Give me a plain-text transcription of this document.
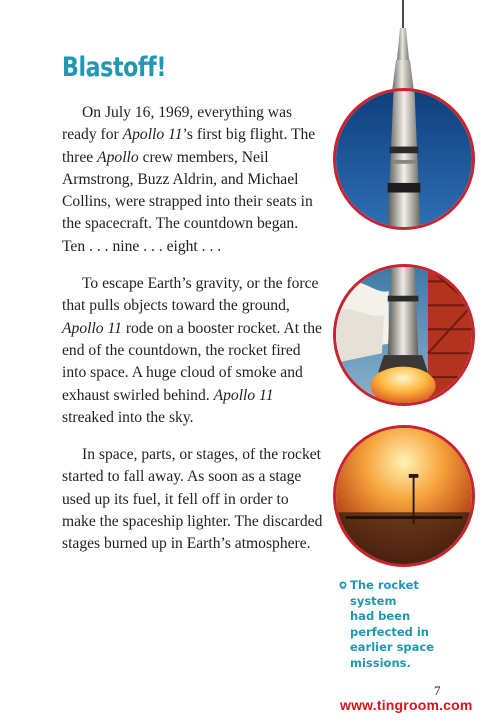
Blastoff!

On July 16, 1969, everything was ready for Apollo 11’s first big flight. The three Apollo crew members, Neil Armstrong, Buzz Aldrin, and Michael Collins, were strapped into their seats in the spacecraft. The countdown began. Ten . . . nine . . . eight . . .

To escape Earth’s gravity, or the force that pulls objects toward the ground, Apollo 11 rode on a booster rocket. At the end of the countdown, the rocket fired into space. A huge cloud of smoke and exhaust swirled behind. Apollo 11 streaked into the sky.

In space, parts, or stages, of the rocket started to fall away. As soon as a stage used up its fuel, it fell off in order to make the spaceship lighter. The discarded stages burned up in Earth’s atmosphere.

The rocket
system
had been
perfected in
earlier space
missions.
7
www.tingroom.com
